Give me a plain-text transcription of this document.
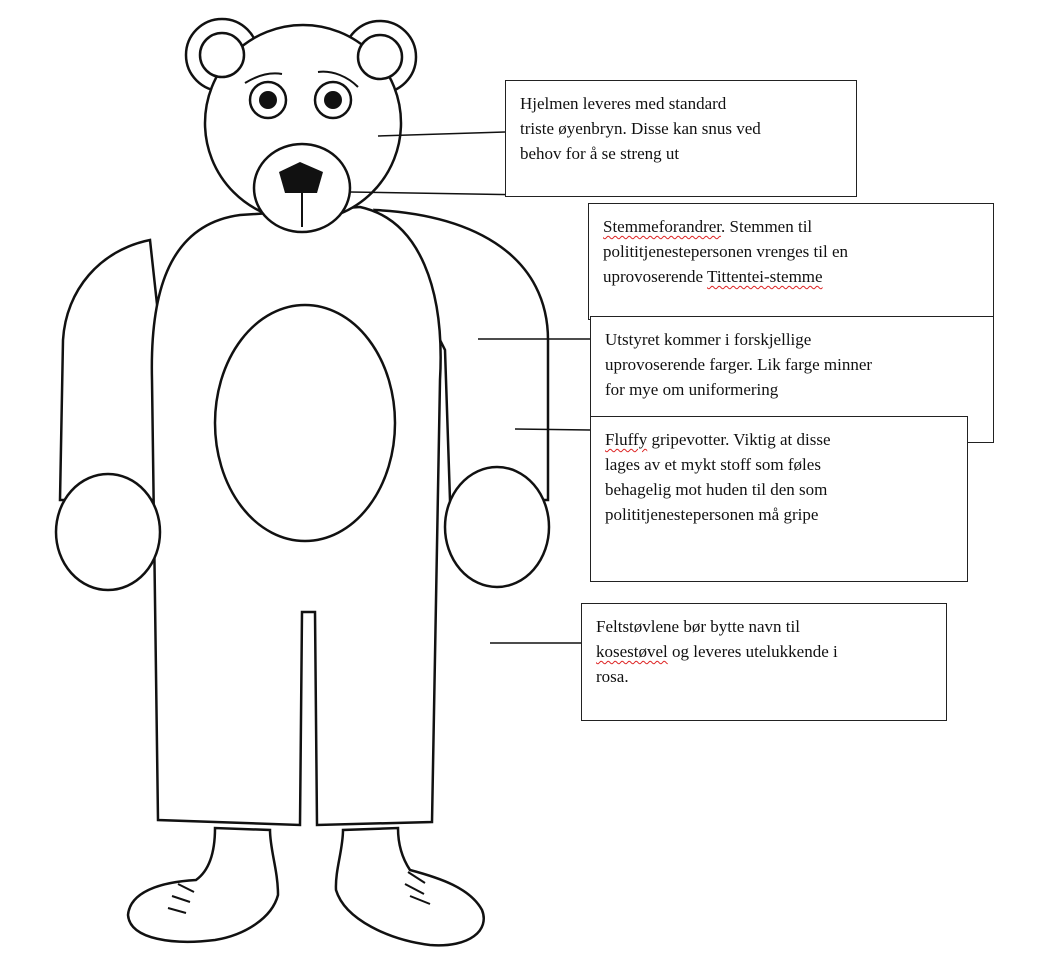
Hjelmen leveres med standard
triste øyenbryn. Disse kan snus ved
behov for å se streng ut
Stemmeforandrer. Stemmen til
polititjenestepersonen vrenges til en
uprovoserende Tittentei-stemme
Utstyret kommer i forskjellige
uprovoserende farger. Lik farge minner
for mye om uniformering
Fluffy gripevotter. Viktig at disse
lages av et mykt stoff som føles
behagelig mot huden til den som
polititjenestepersonen må gripe
Feltstøvlene bør bytte navn til
kosestøvel og leveres utelukkende i
rosa.
